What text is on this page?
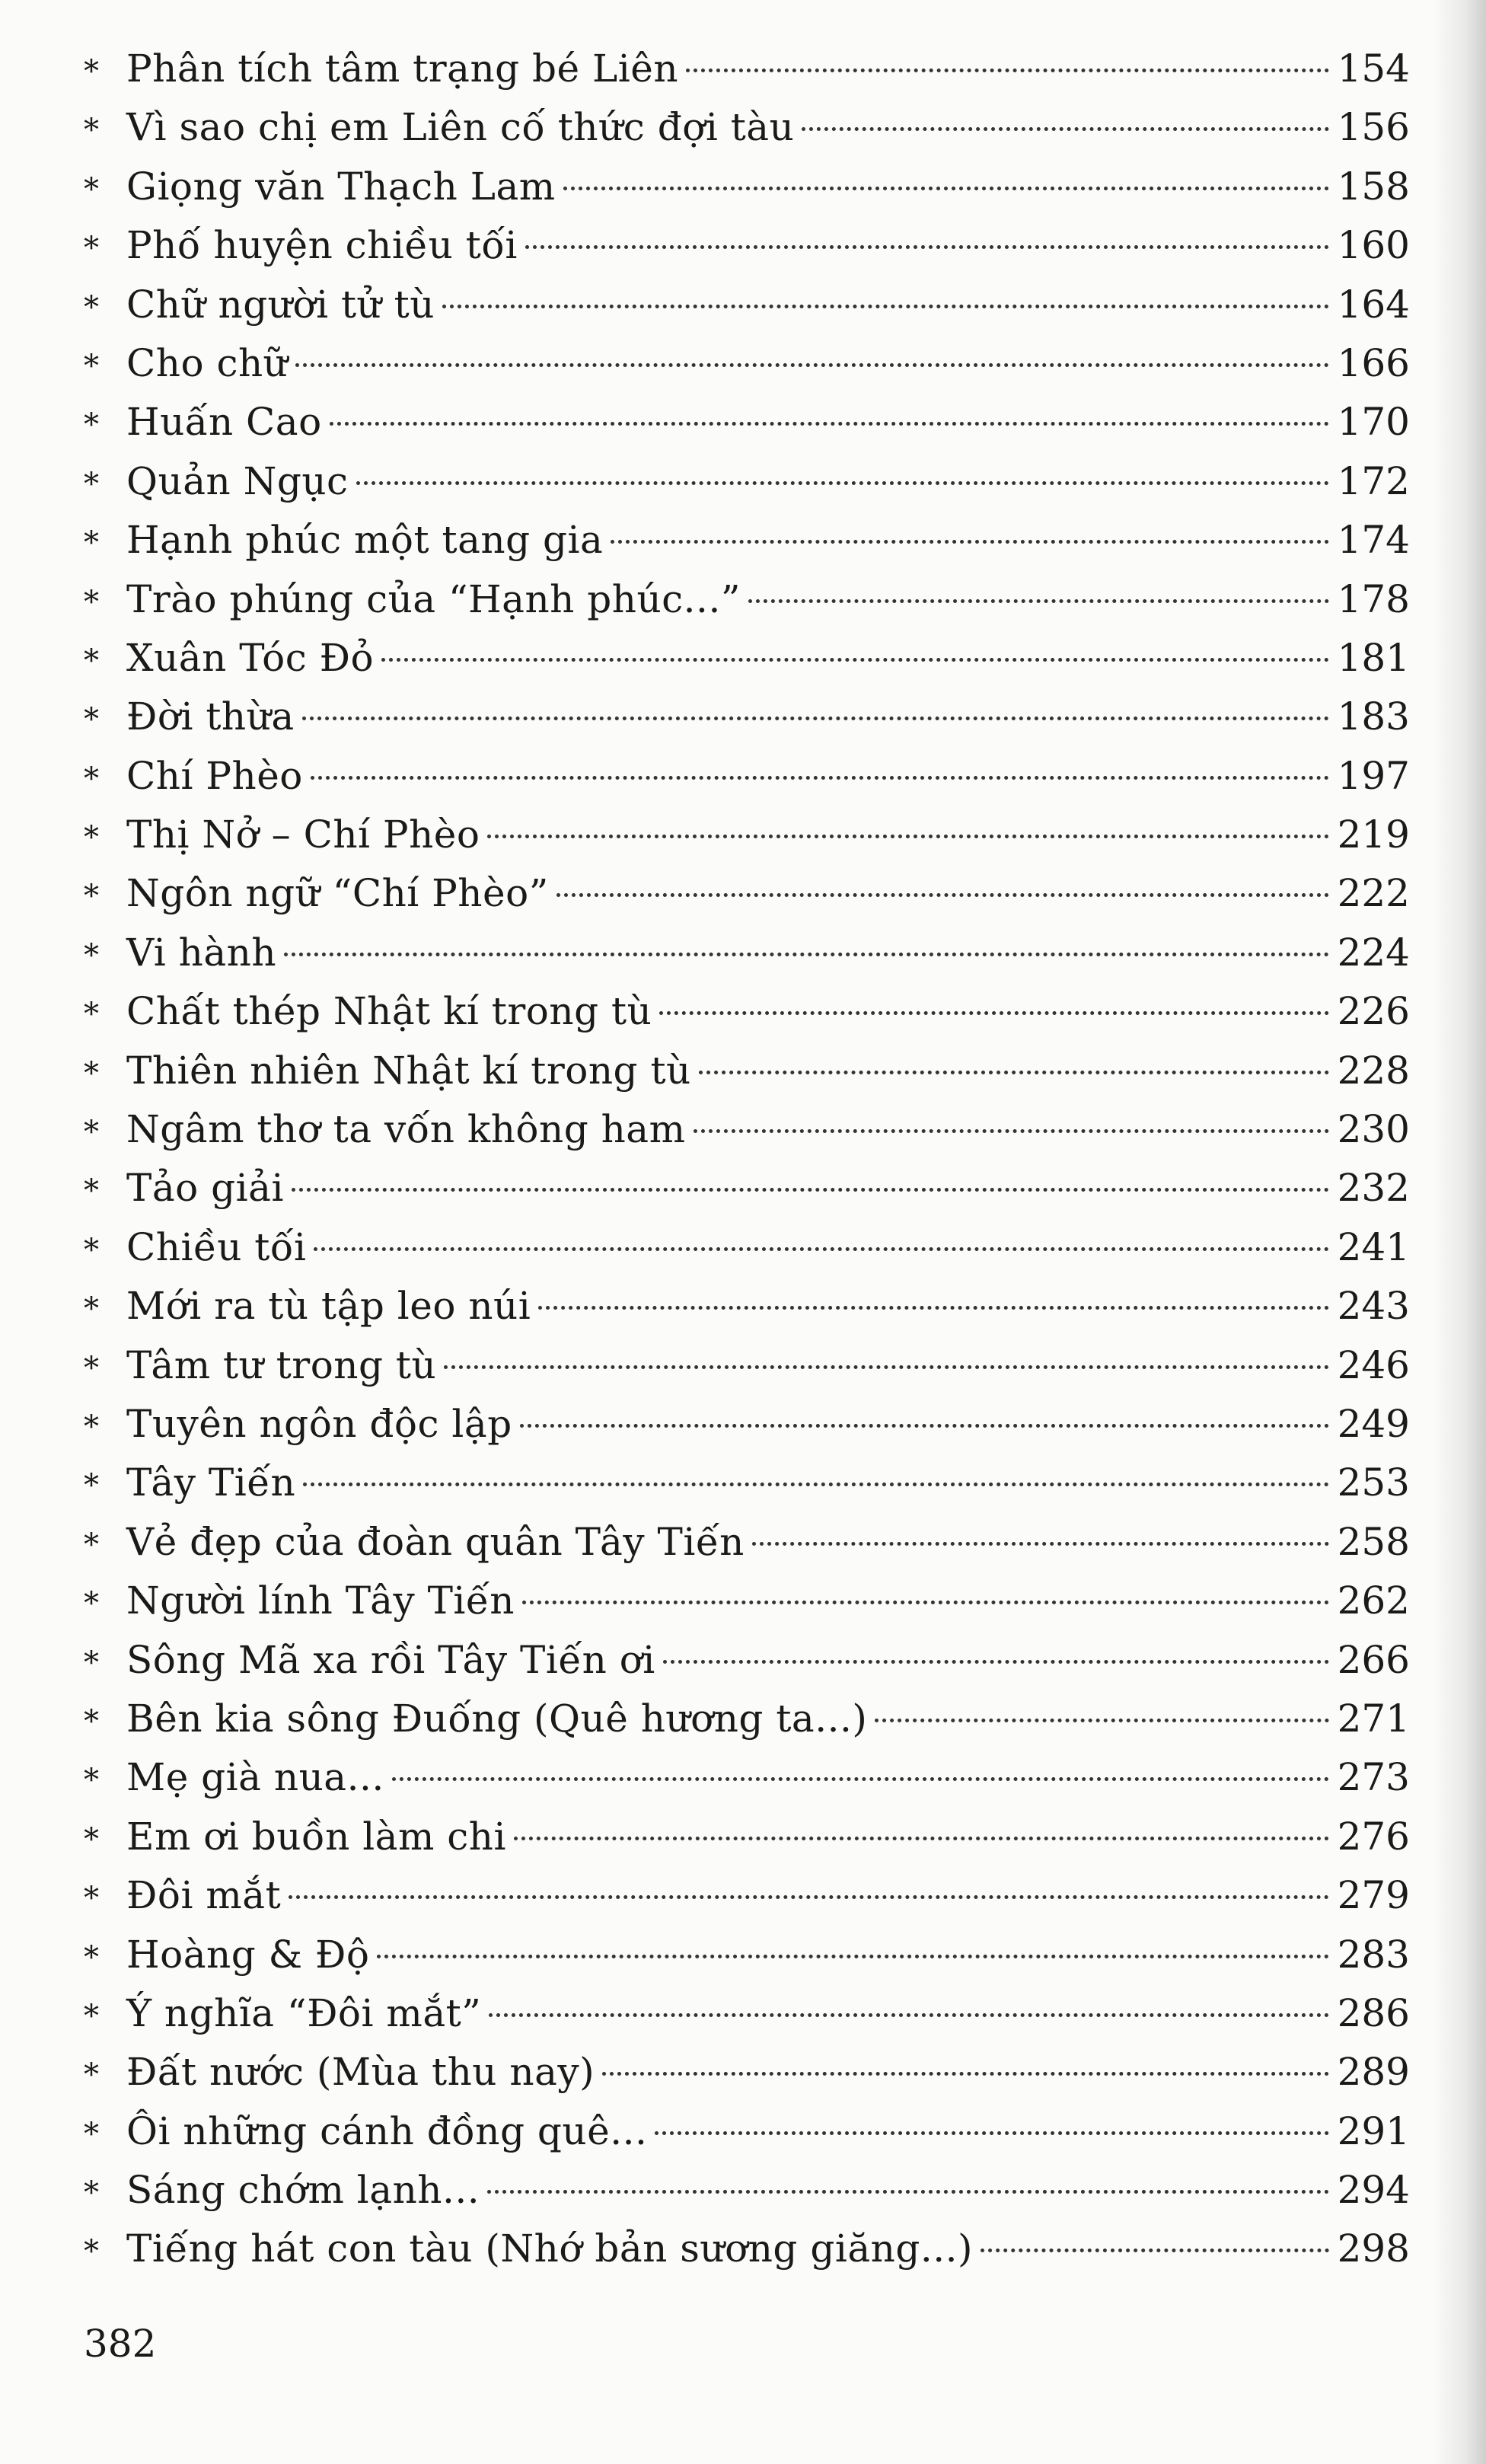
* Phân tích tâm trạng bé Liên	154
* Vì sao chị em Liên cố thức đợi tàu	156
* Giọng văn Thạch Lam	158
* Phố huyện chiều tối	160
* Chữ người tử tù	164
* Cho chữ	166
* Huấn Cao	170
* Quản Ngục	172
* Hạnh phúc một tang gia	174
* Trào phúng của “Hạnh phúc...”	178
* Xuân Tóc Đỏ	181
* Đời thừa	183
* Chí Phèo	197
* Thị Nở – Chí Phèo	219
* Ngôn ngữ “Chí Phèo”	222
* Vi hành	224
* Chất thép Nhật kí trong tù	226
* Thiên nhiên Nhật kí trong tù	228
* Ngâm thơ ta vốn không ham	230
* Tảo giải	232
* Chiều tối	241
* Mới ra tù tập leo núi	243
* Tâm tư trong tù	246
* Tuyên ngôn độc lập	249
* Tây Tiến	253
* Vẻ đẹp của đoàn quân Tây Tiến	258
* Người lính Tây Tiến	262
* Sông Mã xa rồi Tây Tiến ơi	266
* Bên kia sông Đuống (Quê hương ta...)	271
* Mẹ già nua...	273
* Em ơi buồn làm chi	276
* Đôi mắt	279
* Hoàng & Độ	283
* Ý nghĩa “Đôi mắt”	286
* Đất nước (Mùa thu nay)	289
* Ôi những cánh đồng quê...	291
* Sáng chớm lạnh...	294
* Tiếng hát con tàu (Nhớ bản sương giăng...)	298
382
